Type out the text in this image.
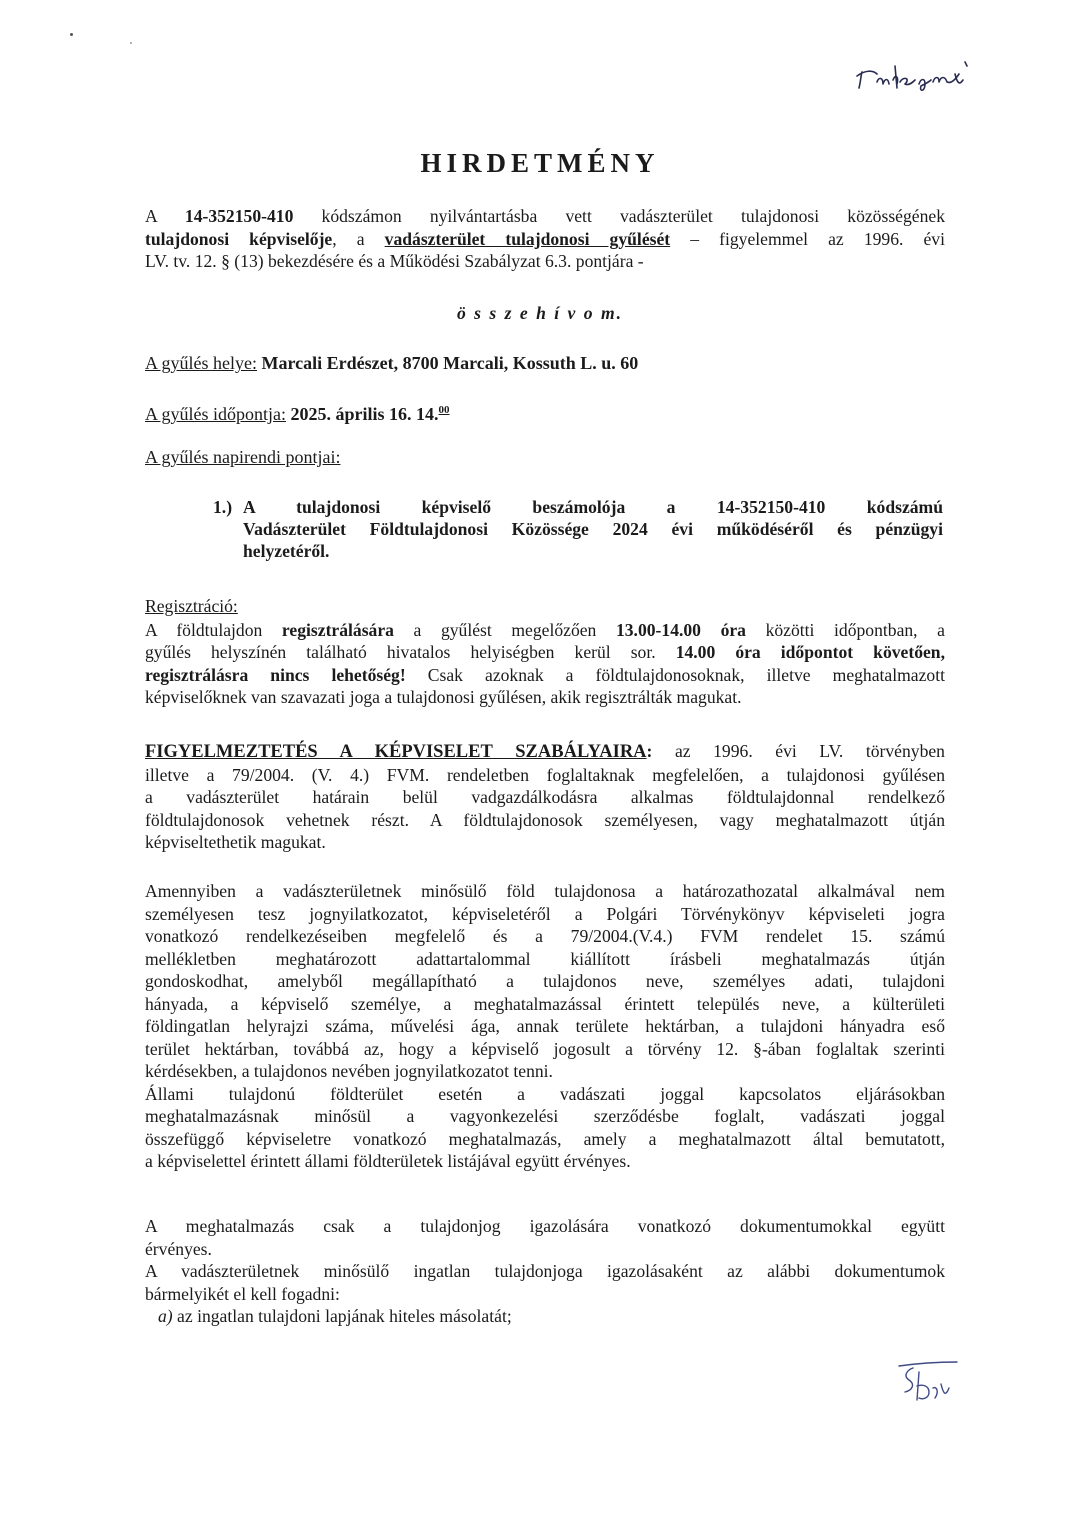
HIRDETMÉNY
A 14-352150-410 kódszámon nyilvántartásba vett vadászterület tulajdonosi közösségének
tulajdonosi képviselője, a vadászterület tulajdonosi gyűlését – figyelemmel az 1996. évi
LV. tv. 12. § (13) bekezdésére és a Működési Szabályzat 6.3. pontjára -
ö s s z e h í v o m.
A gyűlés helye: Marcali Erdészet, 8700 Marcali, Kossuth L. u. 60
A gyűlés időpontja: 2025. április 16. 14.00
A gyűlés napirendi pontjai:
1.) A tulajdonosi képviselő beszámolója a 14-352150-410 kódszámú
Vadászterület Földtulajdonosi Közössége 2024 évi működéséről és pénzügyi
helyzetéről.
Regisztráció:
A földtulajdon regisztrálására a gyűlést megelőzően 13.00-14.00 óra közötti időpontban, a
gyűlés helyszínén található hivatalos helyiségben kerül sor. 14.00 óra időpontot követően,
regisztrálásra nincs lehetőség! Csak azoknak a földtulajdonosoknak, illetve meghatalmazott
képviselőknek van szavazati joga a tulajdonosi gyűlésen, akik regisztrálták magukat.
FIGYELMEZTETÉS A KÉPVISELET SZABÁLYAIRA: az 1996. évi LV. törvényben
illetve a 79/2004. (V. 4.) FVM. rendeletben foglaltaknak megfelelően, a tulajdonosi gyűlésen
a vadászterület határain belül vadgazdálkodásra alkalmas földtulajdonnal rendelkező
földtulajdonosok vehetnek részt. A földtulajdonosok személyesen, vagy meghatalmazott útján
képviseltethetik magukat.
Amennyiben a vadászterületnek minősülő föld tulajdonosa a határozathozatal alkalmával nem
személyesen tesz jognyilatkozatot, képviseletéről a Polgári Törvénykönyv képviseleti jogra
vonatkozó rendelkezéseiben megfelelő és a 79/2004.(V.4.) FVM rendelet 15. számú
mellékletben meghatározott adattartalommal kiállított írásbeli meghatalmazás útján
gondoskodhat, amelyből megállapítható a tulajdonos neve, személyes adati, tulajdoni
hányada, a képviselő személye, a meghatalmazással érintett település neve, a külterületi
földingatlan helyrajzi száma, művelési ága, annak területe hektárban, a tulajdoni hányadra eső
terület hektárban, továbbá az, hogy a képviselő jogosult a törvény 12. §-ában foglaltak szerinti
kérdésekben, a tulajdonos nevében jognyilatkozatot tenni.
Állami tulajdonú földterület esetén a vadászati joggal kapcsolatos eljárásokban
meghatalmazásnak minősül a vagyonkezelési szerződésbe foglalt, vadászati joggal
összefüggő képviseletre vonatkozó meghatalmazás, amely a meghatalmazott által bemutatott,
a képviselettel érintett állami földterületek listájával együtt érvényes.
A meghatalmazás csak a tulajdonjog igazolására vonatkozó dokumentumokkal együtt
érvényes.
A vadászterületnek minősülő ingatlan tulajdonjoga igazolásaként az alábbi dokumentumok
bármelyikét el kell fogadni:
a) az ingatlan tulajdoni lapjának hiteles másolatát;
